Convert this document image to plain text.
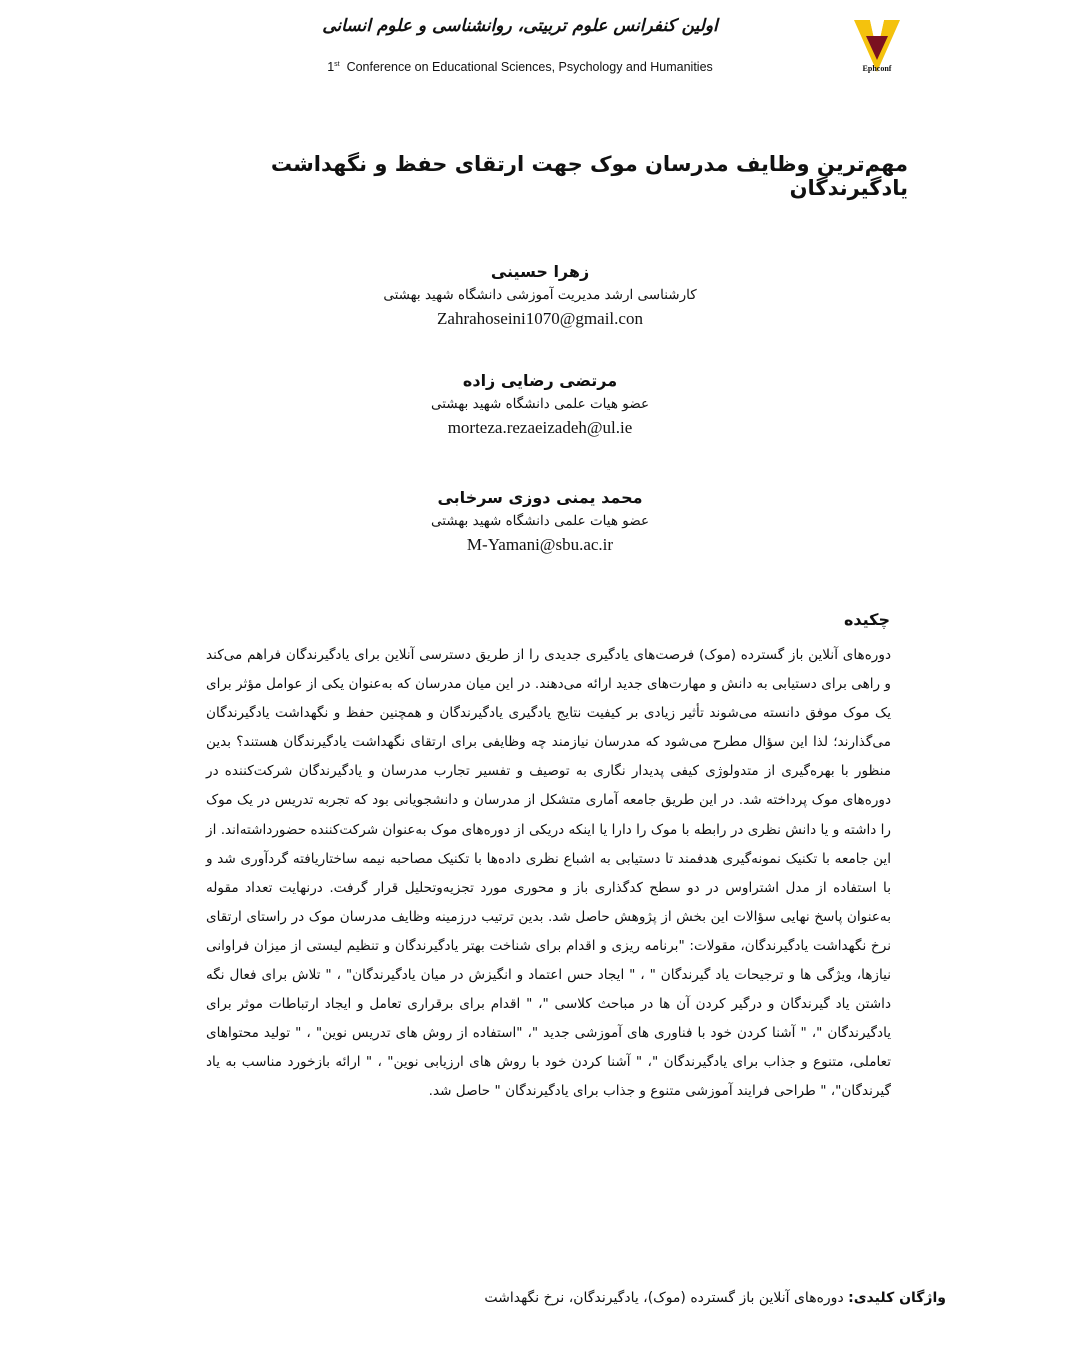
اولین کنفرانس علوم تربیتی، روانشناسی و علوم انسانی
1st Conference on Educational Sciences, Psychology and Humanities	Ephconf
مهم‌ترین وظایف مدرسان موک جهت ارتقای حفظ و نگهداشت یادگیرندگان
زهرا حسینی
کارشناسی ارشد مدیریت آموزشی دانشگاه شهید بهشتی
Zahrahoseini1070@gmail.con
مرتضی رضایی زاده
عضو هیات علمی دانشگاه شهید بهشتی
morteza.rezaeizadeh@ul.ie
محمد یمنی دوزی سرخابی
عضو هیات علمی دانشگاه شهید بهشتی
M-Yamani@sbu.ac.ir
چکیده
دوره‌های آنلاین باز گسترده (موک) فرصت‌های یادگیری جدیدی را از طریق دسترسی آنلاین برای یادگیرندگان فراهم می‌کند و راهی برای دستیابی به دانش و مهارت‌های جدید ارائه می‌دهند. در این میان مدرسان که به‌عنوان یکی از عوامل مؤثر برای یک موک موفق دانسته می‌شوند تأثیر زیادی بر کیفیت نتایج یادگیری یادگیرندگان و همچنین حفظ و نگهداشت یادگیرندگان می‌گذارند؛ لذا این سؤال مطرح می‌شود که مدرسان نیازمند چه وظایفی برای ارتقای نگهداشت یادگیرندگان هستند؟ بدین منظور با بهره‌گیری از متدولوژی کیفی پدیدار نگاری به توصیف و تفسیر تجارب مدرسان و یادگیرندگان شرکت‌کننده در دوره‌های موک پرداخته شد. در این طریق جامعه آماری متشکل از مدرسان و دانشجویانی بود که تجربه تدریس در یک موک را داشته و یا دانش نظری در رابطه با موک را دارا یا اینکه دریکی از دوره‌های موک به‌عنوان شرکت‌کننده حضورداشته‌اند. از این جامعه با تکنیک نمونه‌گیری هدفمند تا دستیابی به اشباع نظری داده‌ها با تکنیک مصاحبه نیمه ساختاریافته گردآوری شد و با استفاده از مدل اشتراوس در دو سطح کدگذاری باز و محوری مورد تجزیه‌وتحلیل قرار گرفت. درنهایت تعداد مقوله به‌عنوان پاسخ نهایی سؤالات این بخش از پژوهش حاصل شد. بدین ترتیب درزمینه وظایف مدرسان موک در راستای ارتقای نرخ نگهداشت یادگیرندگان، مقولات: "برنامه ریزی و اقدام برای شناخت بهتر یادگیرندگان و تنظیم لیستی از میزان فراوانی نیازها، ویژگی ها و ترجیحات یاد گیرندگان " ، " ایجاد حس اعتماد و انگیزش در میان یادگیرندگان" ، " تلاش برای فعال نگه داشتن یاد گیرندگان و درگیر کردن آن ها در مباحث کلاسی "، " اقدام برای برقراری تعامل و ایجاد ارتباطات موثر برای یادگیرندگان "، " آشنا کردن خود با فناوری های آموزشی جدید "، "استفاده از روش های تدریس نوین" ، " تولید محتواهای تعاملی، متنوع و جذاب برای یادگیرندگان "، " آشنا کردن خود با روش های ارزیابی نوین" ، " ارائه بازخورد مناسب به یاد گیرندگان"، " طراحی فرایند آموزشی متنوع و جذاب برای یادگیرندگان " حاصل شد.
واژگان کلیدی: دوره‌های آنلاین باز گسترده (موک)، یادگیرندگان، نرخ نگهداشت
